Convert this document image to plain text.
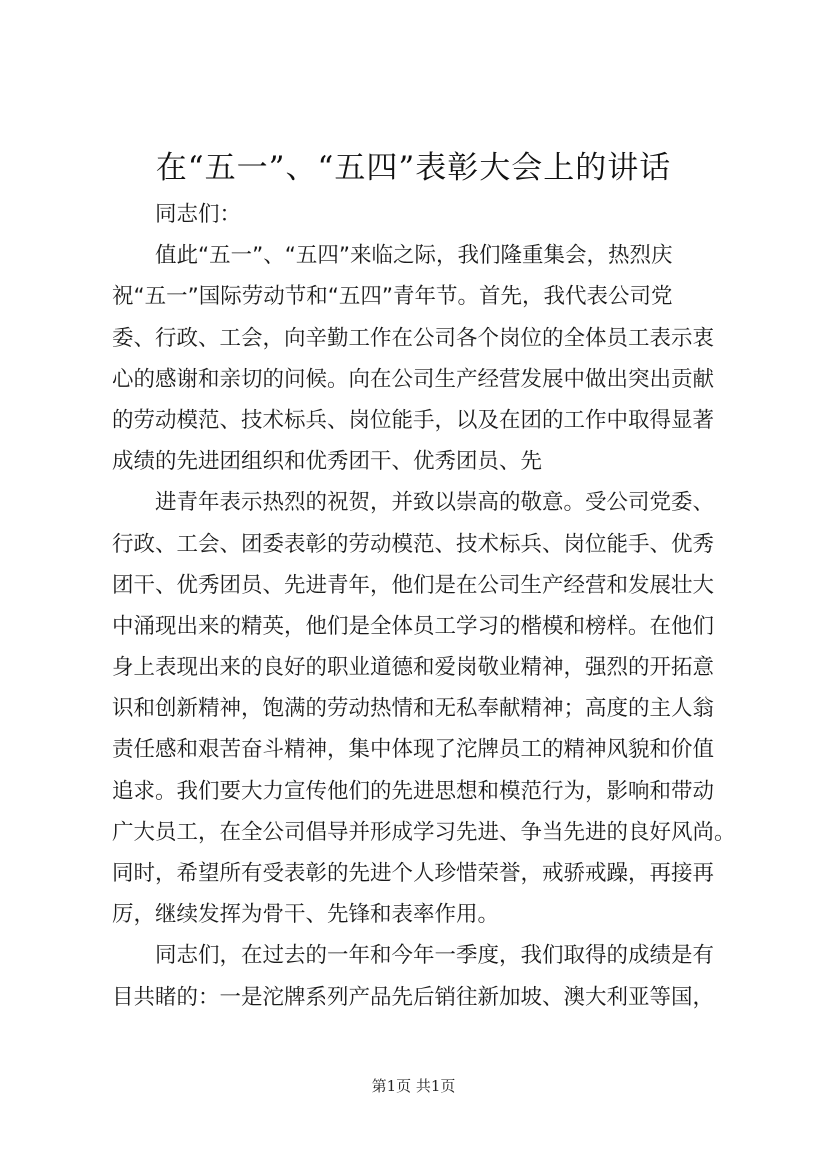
在“五一”、“五四”表彰大会上的讲话
同志们：
值此“五一”、“五四”来临之际，我们隆重集会，热烈庆
祝“五一”国际劳动节和“五四”青年节。首先，我代表公司党
委、行政、工会，向辛勤工作在公司各个岗位的全体员工表示衷
心的感谢和亲切的问候。向在公司生产经营发展中做出突出贡献
的劳动模范、技术标兵、岗位能手，以及在团的工作中取得显著
成绩的先进团组织和优秀团干、优秀团员、先
进青年表示热烈的祝贺，并致以崇高的敬意。受公司党委、
行政、工会、团委表彰的劳动模范、技术标兵、岗位能手、优秀
团干、优秀团员、先进青年，他们是在公司生产经营和发展壮大
中涌现出来的精英，他们是全体员工学习的楷模和榜样。在他们
身上表现出来的良好的职业道德和爱岗敬业精神，强烈的开拓意
识和创新精神，饱满的劳动热情和无私奉献精神；高度的主人翁
责任感和艰苦奋斗精神，集中体现了沱牌员工的精神风貌和价值
追求。我们要大力宣传他们的先进思想和模范行为，影响和带动
广大员工，在全公司倡导并形成学习先进、争当先进的良好风尚。
同时，希望所有受表彰的先进个人珍惜荣誉，戒骄戒躁，再接再
厉，继续发挥为骨干、先锋和表率作用。
同志们，在过去的一年和今年一季度，我们取得的成绩是有
目共睹的：一是沱牌系列产品先后销往新加坡、澳大利亚等国，
第1页 共1页
